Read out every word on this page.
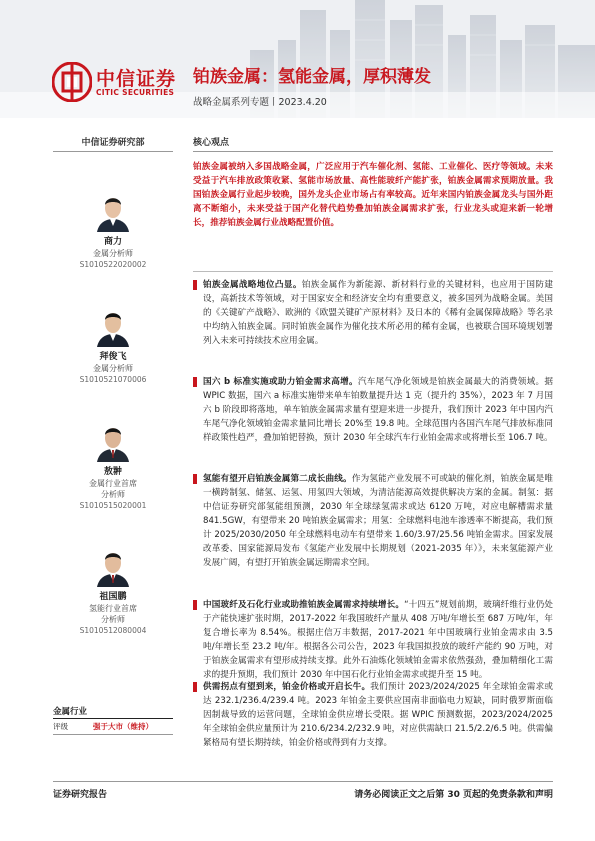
中信证券
CITIC SECURITIES
铂族金属：氢能金属，厚积薄发
战略金属系列专题丨2023.4.20
中信证券研究部
商力
金属分析师
S1010522020002
拜俊飞
金属分析师
S1010521070006
敖翀
金属行业首席
分析师
S1010515020001
祖国鹏
氢能行业首席
分析师
S1010512080004
金属行业
评级	强于大市（维持）
核心观点
铂族金属被纳入多国战略金属，广泛应用于汽车催化剂、氢能、工业催化、医疗等领域。未来受益于汽车排放政策收紧、氢能市场放量、高性能玻纤产能扩张，铂族金属需求预期放量。我国铂族金属行业起步较晚，国外龙头企业市场占有率较高。近年来国内铂族金属龙头与国外距离不断缩小，未来受益于国产化替代趋势叠加铂族金属需求扩张，行业龙头或迎来新一轮增长，推荐铂族金属行业战略配置价值。
铂族金属战略地位凸显。铂族金属作为新能源、新材料行业的关键材料，也应用于国防建设，高新技术等领域，对于国家安全和经济安全均有重要意义，被多国列为战略金属。美国的《关键矿产战略》、欧洲的《欧盟关键矿产原材料》及日本的《稀有金属保障战略》等名录中均纳入铂族金属。同时铂族金属作为催化技术所必用的稀有金属，也被联合国环境规划署列入未来可持续技术应用金属。
国六 b 标准实施或助力铂金需求高增。汽车尾气净化领域是铂族金属最大的消费领域。据 WPIC 数据，国六 a 标准实施带来单车铂数量提升达 1 克（提升约 35%），2023 年 7 月国六 b 阶段即将落地，单车铂族金属需求量有望迎来进一步提升，我们预计 2023 年中国内汽车尾气净化领域铂金需求量同比增长 20%至 19.8 吨。全球范围内各国汽车尾气排放标准同样政策性趋严，叠加铂钯替换，预计 2030 年全球汽车行业铂金需求或将增长至 106.7 吨。
氢能有望开启铂族金属第二成长曲线。作为氢能产业发展不可或缺的催化剂，铂族金属是唯一横跨制氢、储氢、运氢、用氢四大领域，为清洁能源高效提供解决方案的金属。制氢：据中信证券研究部氢能组预测，2030 年全球绿氢需求或达 6120 万吨，对应电解槽需求量 841.5GW，有望带来 20 吨铂族金属需求；用氢：全球燃料电池车渗透率不断提高，我们预计 2025/2030/2050 年全球燃料电动车有望带来 1.60/3.97/25.56 吨铂金需求。国家发展改革委、国家能源局发布《氢能产业发展中长期规划（2021-2035 年）》，未来氢能源产业发展广阔，有望打开铂族金属远期需求空间。
中国玻纤及石化行业或助推铂族金属需求持续增长。“十四五”规划前期，玻璃纤维行业仍处于产能快速扩张时期，2017-2022 年我国玻纤产量从 408 万吨/年增长至 687 万吨/年，年复合增长率为 8.54%。根据庄信万丰数据，2017-2021 年中国玻璃行业铂金需求由 3.5 吨/年增长至 23.2 吨/年。根据各公司公告，2023 年我国拟投放的玻纤产能约 90 万吨，对于铂族金属需求有望形成持续支撑。此外石油炼化领域铂金需求依然强劲，叠加精细化工需求的提升预期，我们预计 2030 年中国石化行业铂金需求或提升至 15 吨。
供需拐点有望到来，铂金价格或开启长牛。我们预计 2023/2024/2025 年全球铂金需求或达 232.1/236.4/239.4 吨。2023 年铂金主要供应国南非面临电力短缺，同时俄罗斯面临因制裁导致的运营问题，全球铂金供应增长受限。据 WPIC 预测数据，2023/2024/2025 年全球铂金供应量预计为 210.6/234.2/232.9 吨，对应供需缺口 21.5/2.2/6.5 吨。供需偏紧格局有望长期持续，铂金价格或得到有力支撑。
证券研究报告	请务必阅读正文之后第 30 页起的免责条款和声明
